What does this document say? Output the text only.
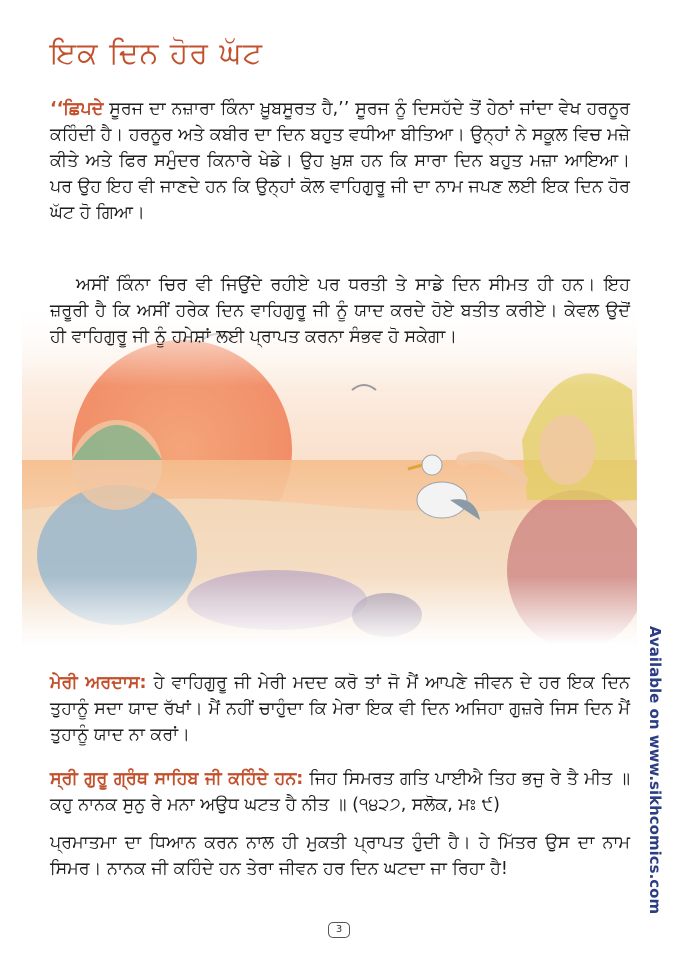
ਇਕ ਦਿਨ ਹੋਰ ਘੱਟ
‘‘ਛਿਪਦੇ ਸੂਰਜ ਦਾ ਨਜ਼ਾਰਾ ਕਿੰਨਾ ਖ਼ੂਬਸੂਰਤ ਹੈ,’’ ਸੂਰਜ ਨੂੰ ਦਿਸਹੱਦੇ ਤੋਂ ਹੇਠਾਂ ਜਾਂਦਾ ਵੇਖ ਹਰਨੂਰ ਕਹਿੰਦੀ ਹੈ। ਹਰਨੂਰ ਅਤੇ ਕਬੀਰ ਦਾ ਦਿਨ ਬਹੁਤ ਵਧੀਆ ਬੀਤਿਆ। ਉਨ੍ਹਾਂ ਨੇ ਸਕੂਲ ਵਿਚ ਮਜ਼ੇ ਕੀਤੇ ਅਤੇ ਫਿਰ ਸਮੁੰਦਰ ਕਿਨਾਰੇ ਖੇਡੇ। ਉਹ ਖ਼ੁਸ਼ ਹਨ ਕਿ ਸਾਰਾ ਦਿਨ ਬਹੁਤ ਮਜ਼ਾ ਆਇਆ। ਪਰ ਉਹ ਇਹ ਵੀ ਜਾਣਦੇ ਹਨ ਕਿ ਉਨ੍ਹਾਂ ਕੋਲ ਵਾਹਿਗੁਰੂ ਜੀ ਦਾ ਨਾਮ ਜਪਣ ਲਈ ਇਕ ਦਿਨ ਹੋਰ ਘੱਟ ਹੋ ਗਿਆ।
ਅਸੀਂ ਕਿੰਨਾ ਚਿਰ ਵੀ ਜਿਉਂਦੇ ਰਹੀਏ ਪਰ ਧਰਤੀ ਤੇ ਸਾਡੇ ਦਿਨ ਸੀਮਤ ਹੀ ਹਨ। ਇਹ ਜ਼ਰੂਰੀ ਹੈ ਕਿ ਅਸੀਂ ਹਰੇਕ ਦਿਨ ਵਾਹਿਗੁਰੂ ਜੀ ਨੂੰ ਯਾਦ ਕਰਦੇ ਹੋਏ ਬਤੀਤ ਕਰੀਏ। ਕੇਵਲ ਉਦੋਂ ਹੀ ਵਾਹਿਗੁਰੂ ਜੀ ਨੂੰ ਹਮੇਸ਼ਾਂ ਲਈ ਪ੍ਰਾਪਤ ਕਰਨਾ ਸੰਭਵ ਹੋ ਸਕੇਗਾ।
ਮੇਰੀ ਅਰਦਾਸ: ਹੇ ਵਾਹਿਗੁਰੂ ਜੀ ਮੇਰੀ ਮਦਦ ਕਰੋ ਤਾਂ ਜੋ ਮੈਂ ਆਪਣੇ ਜੀਵਨ ਦੇ ਹਰ ਇਕ ਦਿਨ ਤੁਹਾਨੂੰ ਸਦਾ ਯਾਦ ਰੱਖਾਂ। ਮੈਂ ਨਹੀਂ ਚਾਹੁੰਦਾ ਕਿ ਮੇਰਾ ਇਕ ਵੀ ਦਿਨ ਅਜਿਹਾ ਗੁਜ਼ਰੇ ਜਿਸ ਦਿਨ ਮੈਂ ਤੁਹਾਨੂੰ ਯਾਦ ਨਾ ਕਰਾਂ।
ਸ੍ਰੀ ਗੁਰੂ ਗ੍ਰੰਥ ਸਾਹਿਬ ਜੀ ਕਹਿੰਦੇ ਹਨ: ਜਿਹ ਸਿਮਰਤ ਗਤਿ ਪਾਈਐ ਤਿਹ ਭਜੁ ਰੇ ਤੈ ਮੀਤ ॥ ਕਹੁ ਨਾਨਕ ਸੁਨੁ ਰੇ ਮਨਾ ਅਉਧ ਘਟਤ ਹੈ ਨੀਤ ॥ (੧੪੨੭, ਸਲੋਕ, ਮਃ ੯)
ਪ੍ਰਮਾਤਮਾ ਦਾ ਧਿਆਨ ਕਰਨ ਨਾਲ ਹੀ ਮੁਕਤੀ ਪ੍ਰਾਪਤ ਹੁੰਦੀ ਹੈ। ਹੇ ਮਿੱਤਰ ਉਸ ਦਾ ਨਾਮ ਸਿਮਰ। ਨਾਨਕ ਜੀ ਕਹਿੰਦੇ ਹਨ ਤੇਰਾ ਜੀਵਨ ਹਰ ਦਿਨ ਘਟਦਾ ਜਾ ਰਿਹਾ ਹੈ!	Available on www.sikhcomics.com
3
